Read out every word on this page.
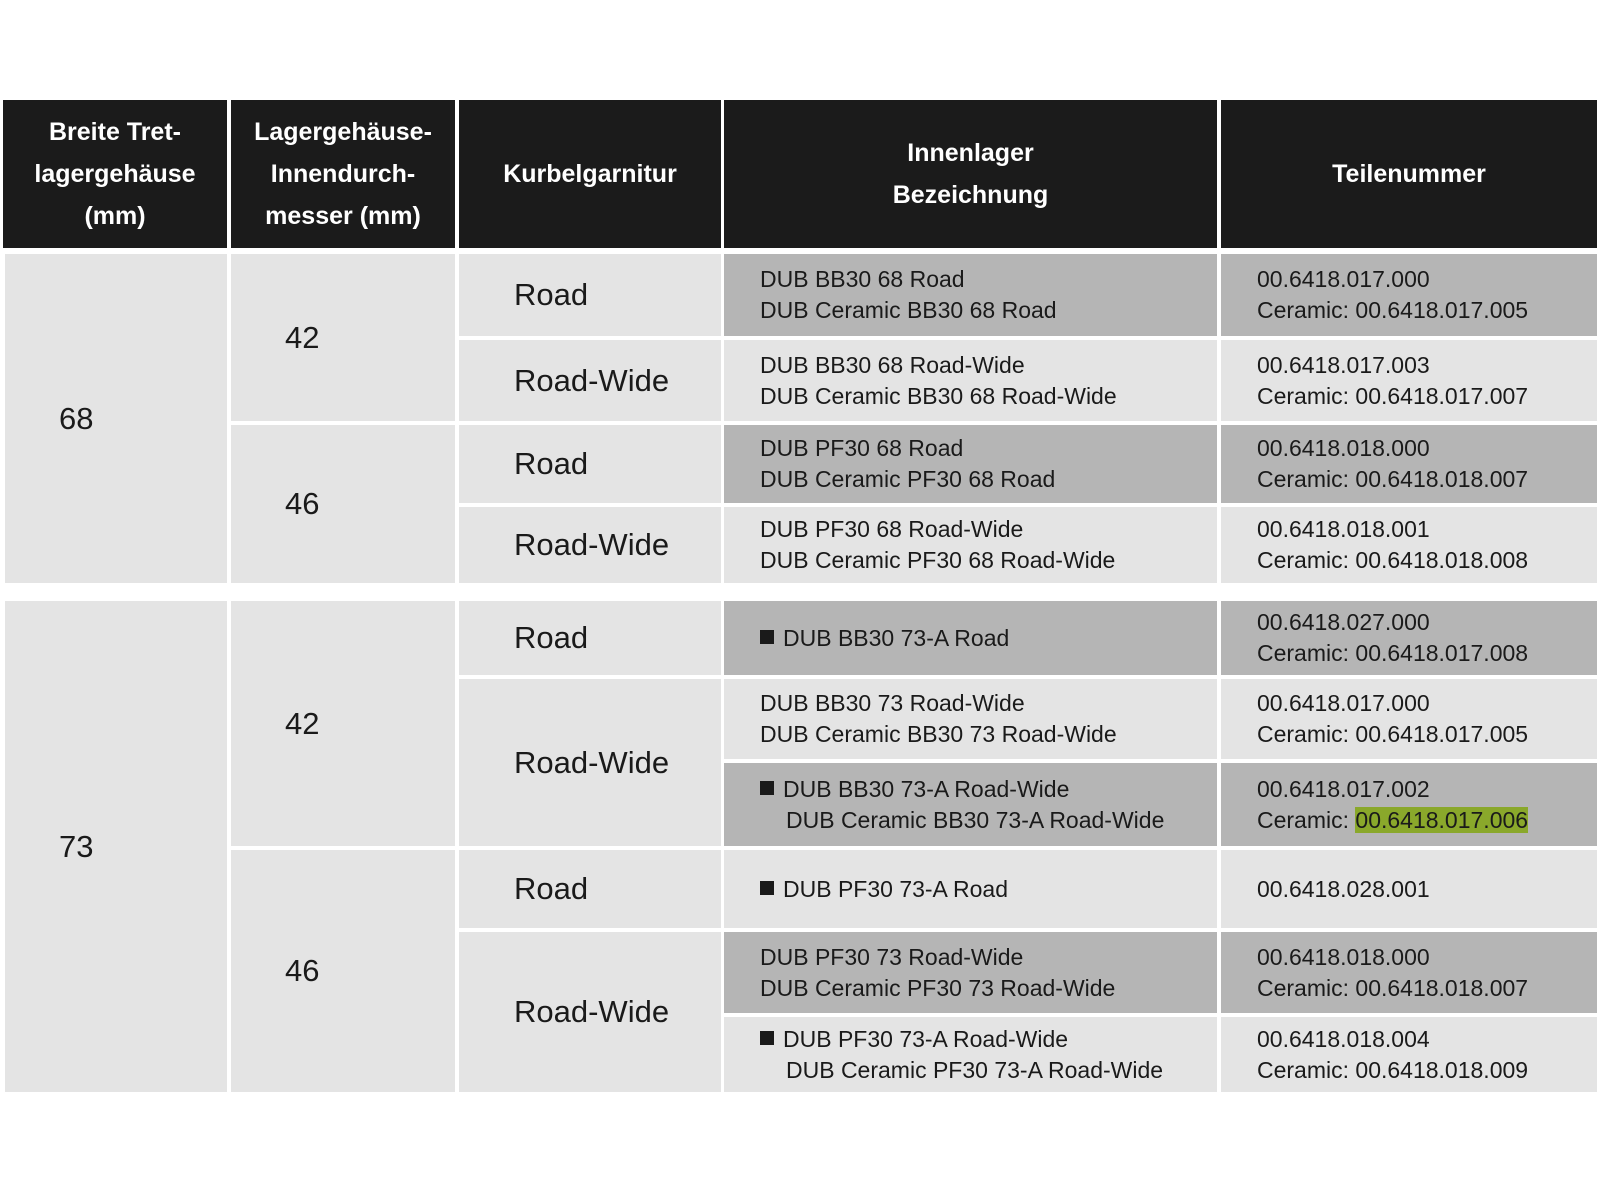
Breite Tret-
lagergehäuse
(mm)
Lagergehäuse-
Innendurch-
messer (mm)
Kurbelgarnitur
Innenlager
Bezeichnung
Teilenummer
68
73
42
46
42
46
Road
Road-Wide
Road
Road-Wide
Road
Road-Wide
Road
Road-Wide
DUB BB30 68 Road
DUB Ceramic BB30 68 Road
00.6418.017.000
Ceramic: 00.6418.017.005
DUB BB30 68 Road-Wide
DUB Ceramic BB30 68 Road-Wide
00.6418.017.003
Ceramic: 00.6418.017.007
DUB PF30 68 Road
DUB Ceramic PF30 68 Road
00.6418.018.000
Ceramic: 00.6418.018.007
DUB PF30 68 Road-Wide
DUB Ceramic PF30 68 Road-Wide
00.6418.018.001
Ceramic: 00.6418.018.008
DUB BB30 73-A Road
00.6418.027.000
Ceramic: 00.6418.017.008
DUB BB30 73 Road-Wide
DUB Ceramic BB30 73 Road-Wide
00.6418.017.000
Ceramic: 00.6418.017.005
DUB BB30 73-A Road-Wide
DUB Ceramic BB30 73-A Road-Wide
00.6418.017.002
Ceramic: 00.6418.017.006
DUB PF30 73-A Road	00.6418.028.001
DUB PF30 73 Road-Wide
DUB Ceramic PF30 73 Road-Wide
00.6418.018.000
Ceramic: 00.6418.018.007
DUB PF30 73-A Road-Wide
DUB Ceramic PF30 73-A Road-Wide
00.6418.018.004
Ceramic: 00.6418.018.009
